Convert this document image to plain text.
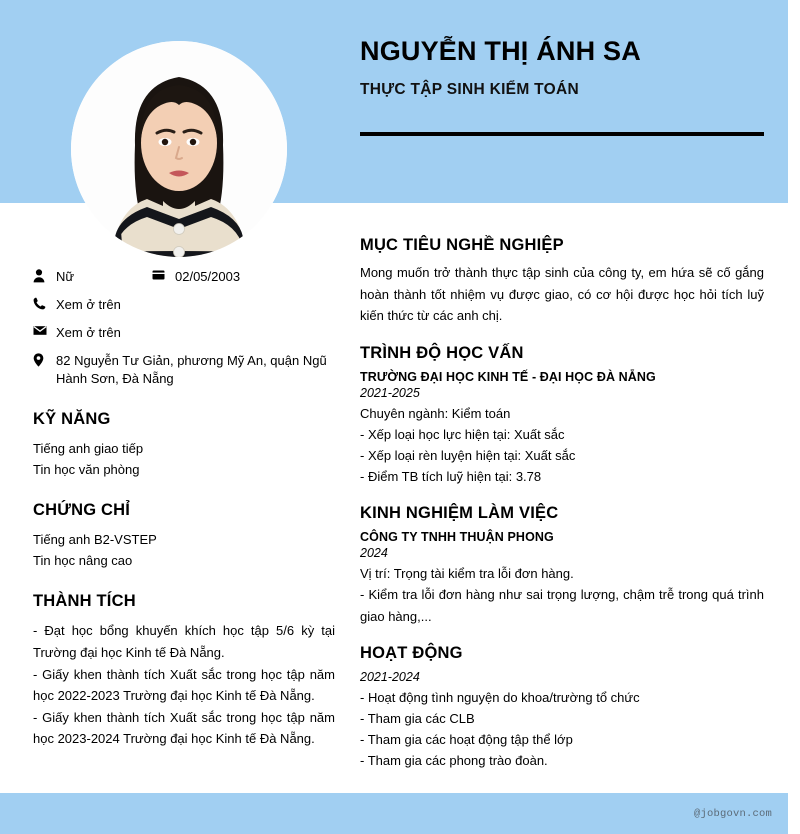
NGUYỄN THỊ ÁNH SA
THỰC TẬP SINH KIỂM TOÁN
Nữ	02/05/2003
Xem ở trên
Xem ở trên
82 Nguyễn Tư Giản, phương Mỹ An, quận Ngũ Hành Sơn, Đà Nẵng
KỸ NĂNG
Tiếng anh giao tiếp
Tin học văn phòng
CHỨNG CHỈ
Tiếng anh B2-VSTEP
Tin học nâng cao
THÀNH TÍCH
- Đạt học bổng khuyến khích học tập 5/6 kỳ tại Trường đại học Kinh tế Đà Nẵng.
- Giấy khen thành tích Xuất sắc trong học tập năm học 2022-2023 Trường đại học Kinh tế Đà Nẵng.
- Giấy khen thành tích Xuất sắc trong học tập năm học 2023-2024 Trường đại học Kinh tế Đà Nẵng.
MỤC TIÊU NGHỀ NGHIỆP
Mong muốn trở thành thực tập sinh của công ty, em hứa sẽ cố gắng hoàn thành tốt nhiệm vụ được giao, có cơ hội được học hỏi tích luỹ kiến thức từ các anh chị.
TRÌNH ĐỘ HỌC VẤN
TRƯỜNG ĐẠI HỌC KINH TẾ - ĐẠI HỌC ĐÀ NẴNG
2021-2025
Chuyên ngành: Kiểm toán
- Xếp loại học lực hiện tại: Xuất sắc
- Xếp loại rèn luyện hiện tại: Xuất sắc
- Điểm TB tích luỹ hiện tại: 3.78
KINH NGHIỆM LÀM VIỆC
CÔNG TY TNHH THUẬN PHONG
2024
Vị trí: Trọng tài kiểm tra lỗi đơn hàng.
- Kiểm tra lỗi đơn hàng như sai trọng lượng, chậm trễ trong quá trình giao hàng,...
HOẠT ĐỘNG
2021-2024
- Hoạt động tình nguyện do khoa/trường tổ chức
- Tham gia các CLB
- Tham gia các hoạt động tập thể lớp
- Tham gia các phong trào đoàn.
@jobgovn.com
